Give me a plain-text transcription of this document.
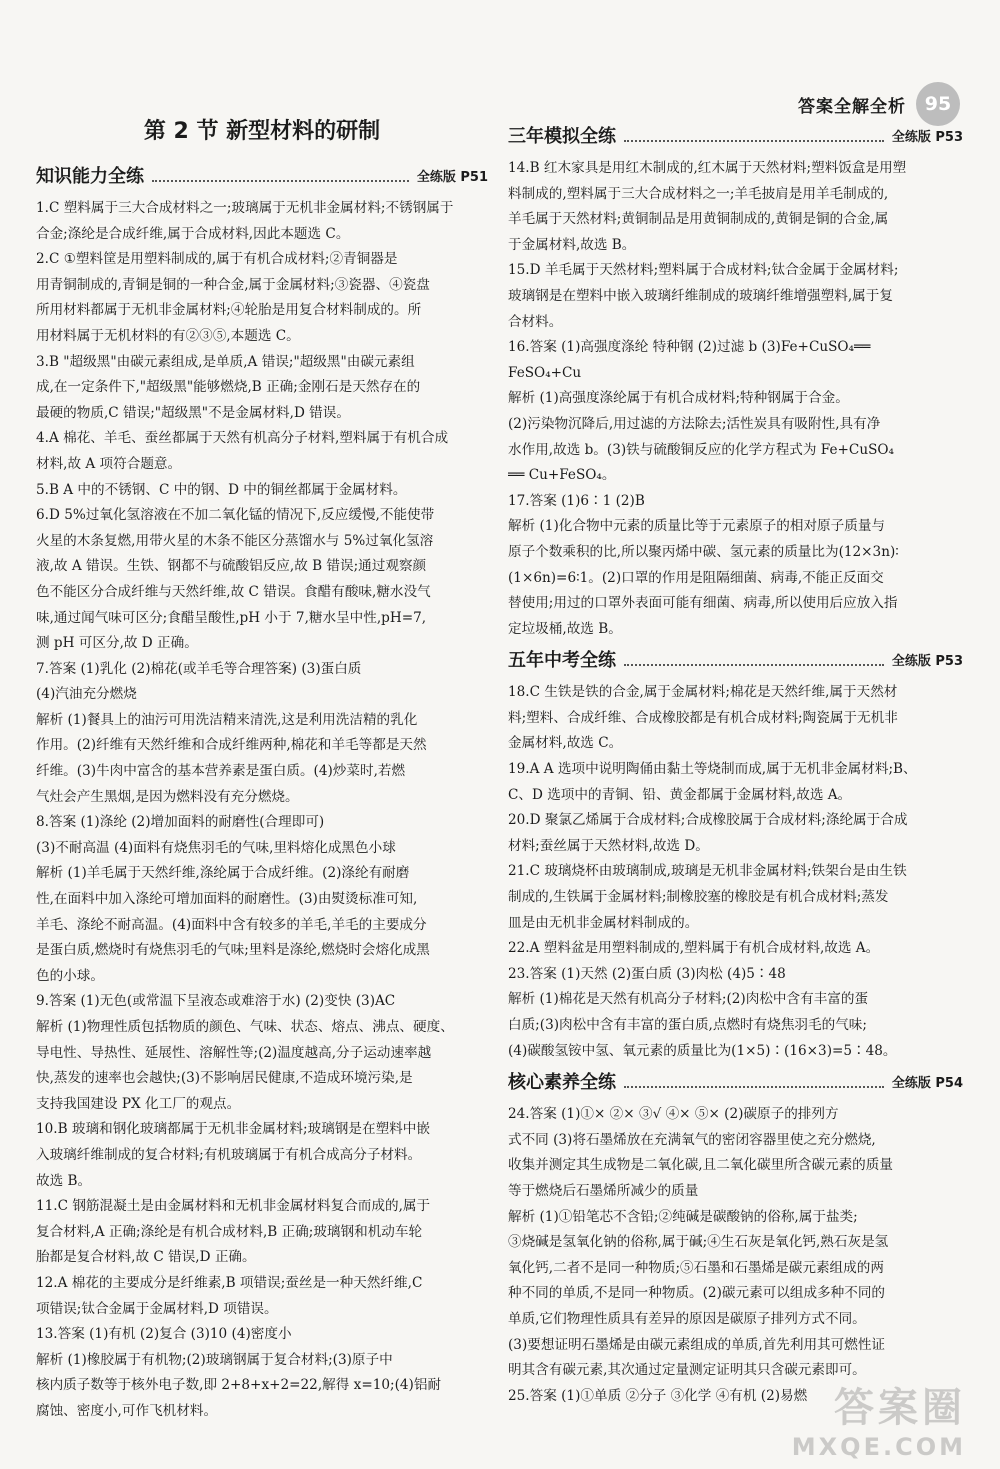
答案全解全析 95
第 2 节 新型材料的研制
知识能力全练	全练版 P51
1.C 塑料属于三大合成材料之一;玻璃属于无机非金属材料;不锈钢属于
合金;涤纶是合成纤维,属于合成材料,因此本题选 C。
2.C ①塑料筐是用塑料制成的,属于有机合成材料;②青铜器是
用青铜制成的,青铜是铜的一种合金,属于金属材料;③瓷器、④瓷盘
所用材料都属于无机非金属材料;④轮胎是用复合材料制成的。所
用材料属于无机材料的有②③⑤,本题选 C。
3.B "超级黑"由碳元素组成,是单质,A 错误;"超级黑"由碳元素组
成,在一定条件下,"超级黑"能够燃烧,B 正确;金刚石是天然存在的
最硬的物质,C 错误;"超级黑"不是金属材料,D 错误。
4.A 棉花、羊毛、蚕丝都属于天然有机高分子材料,塑料属于有机合成
材料,故 A 项符合题意。
5.B A 中的不锈钢、C 中的钢、D 中的铜丝都属于金属材料。
6.D 5%过氧化氢溶液在不加二氧化锰的情况下,反应缓慢,不能使带
火星的木条复燃,用带火星的木条不能区分蒸馏水与 5%过氧化氢溶
液,故 A 错误。生铁、钢都不与硫酸铝反应,故 B 错误;通过观察颜
色不能区分合成纤维与天然纤维,故 C 错误。食醋有酸味,糖水没气
味,通过闻气味可区分;食醋呈酸性,pH 小于 7,糖水呈中性,pH=7,
测 pH 可区分,故 D 正确。
7.答案 (1)乳化 (2)棉花(或羊毛等合理答案) (3)蛋白质
(4)汽油充分燃烧
解析 (1)餐具上的油污可用洗洁精来清洗,这是利用洗洁精的乳化
作用。(2)纤维有天然纤维和合成纤维两种,棉花和羊毛等都是天然
纤维。(3)牛肉中富含的基本营养素是蛋白质。(4)炒菜时,若燃
气灶会产生黑烟,是因为燃料没有充分燃烧。
8.答案 (1)涤纶 (2)增加面料的耐磨性(合理即可)
(3)不耐高温 (4)面料有烧焦羽毛的气味,里料熔化成黑色小球
解析 (1)羊毛属于天然纤维,涤纶属于合成纤维。(2)涤纶有耐磨
性,在面料中加入涤纶可增加面料的耐磨性。(3)由熨烫标准可知,
羊毛、涤纶不耐高温。(4)面料中含有较多的羊毛,羊毛的主要成分
是蛋白质,燃烧时有烧焦羽毛的气味;里料是涤纶,燃烧时会熔化成黑
色的小球。
9.答案 (1)无色(或常温下呈液态或难溶于水) (2)变快 (3)AC
解析 (1)物理性质包括物质的颜色、气味、状态、熔点、沸点、硬度、
导电性、导热性、延展性、溶解性等;(2)温度越高,分子运动速率越
快,蒸发的速率也会越快;(3)不影响居民健康,不造成环境污染,是
支持我国建设 PX 化工厂的观点。
10.B 玻璃和钢化玻璃都属于无机非金属材料;玻璃钢是在塑料中嵌
入玻璃纤维制成的复合材料;有机玻璃属于有机合成高分子材料。
故选 B。
11.C 钢筋混凝土是由金属材料和无机非金属材料复合而成的,属于
复合材料,A 正确;涤纶是有机合成材料,B 正确;玻璃钢和机动车轮
胎都是复合材料,故 C 错误,D 正确。
12.A 棉花的主要成分是纤维素,B 项错误;蚕丝是一种天然纤维,C
项错误;钛合金属于金属材料,D 项错误。
13.答案 (1)有机 (2)复合 (3)10 (4)密度小
解析 (1)橡胶属于有机物;(2)玻璃钢属于复合材料;(3)原子中
核内质子数等于核外电子数,即 2+8+x+2=22,解得 x=10;(4)铝耐
腐蚀、密度小,可作飞机材料。
三年模拟全练	全练版 P53
14.B 红木家具是用红木制成的,红木属于天然材料;塑料饭盒是用塑
料制成的,塑料属于三大合成材料之一;羊毛披肩是用羊毛制成的,
羊毛属于天然材料;黄铜制品是用黄铜制成的,黄铜是铜的合金,属
于金属材料,故选 B。
15.D 羊毛属于天然材料;塑料属于合成材料;钛合金属于金属材料;
玻璃钢是在塑料中嵌入玻璃纤维制成的玻璃纤维增强塑料,属于复
合材料。
16.答案 (1)高强度涤纶 特种钢 (2)过滤 b (3)Fe+CuSO₄══
FeSO₄+Cu
解析 (1)高强度涤纶属于有机合成材料;特种钢属于合金。
(2)污染物沉降后,用过滤的方法除去;活性炭具有吸附性,具有净
水作用,故选 b。(3)铁与硫酸铜反应的化学方程式为 Fe+CuSO₄
══ Cu+FeSO₄。
17.答案 (1)6∶1 (2)B
解析 (1)化合物中元素的质量比等于元素原子的相对原子质量与
原子个数乘积的比,所以聚丙烯中碳、氢元素的质量比为(12×3n)∶
(1×6n)=6∶1。(2)口罩的作用是阻隔细菌、病毒,不能正反面交
替使用;用过的口罩外表面可能有细菌、病毒,所以使用后应放入指
定垃圾桶,故选 B。
五年中考全练	全练版 P53
18.C 生铁是铁的合金,属于金属材料;棉花是天然纤维,属于天然材
料;塑料、合成纤维、合成橡胶都是有机合成材料;陶瓷属于无机非
金属材料,故选 C。
19.A A 选项中说明陶俑由黏土等烧制而成,属于无机非金属材料;B、
C、D 选项中的青铜、铅、黄金都属于金属材料,故选 A。
20.D 聚氯乙烯属于合成材料;合成橡胶属于合成材料;涤纶属于合成
材料;蚕丝属于天然材料,故选 D。
21.C 玻璃烧杯由玻璃制成,玻璃是无机非金属材料;铁架台是由生铁
制成的,生铁属于金属材料;制橡胶塞的橡胶是有机合成材料;蒸发
皿是由无机非金属材料制成的。
22.A 塑料盆是用塑料制成的,塑料属于有机合成材料,故选 A。
23.答案 (1)天然 (2)蛋白质 (3)肉松 (4)5∶48
解析 (1)棉花是天然有机高分子材料;(2)肉松中含有丰富的蛋
白质;(3)肉松中含有丰富的蛋白质,点燃时有烧焦羽毛的气味;
(4)碳酸氢铵中氢、氧元素的质量比为(1×5)∶(16×3)=5∶48。
核心素养全练	全练版 P54
24.答案 (1)①× ②× ③√ ④× ⑤× (2)碳原子的排列方
式不同 (3)将石墨烯放在充满氧气的密闭容器里使之充分燃烧,
收集并测定其生成物是二氧化碳,且二氧化碳里所含碳元素的质量
等于燃烧后石墨烯所减少的质量
解析 (1)①铅笔芯不含铅;②纯碱是碳酸钠的俗称,属于盐类;
③烧碱是氢氧化钠的俗称,属于碱;④生石灰是氧化钙,熟石灰是氢
氧化钙,二者不是同一种物质;⑤石墨和石墨烯是碳元素组成的两
种不同的单质,不是同一种物质。(2)碳元素可以组成多种不同的
单质,它们物理性质具有差异的原因是碳原子排列方式不同。
(3)要想证明石墨烯是由碳元素组成的单质,首先利用其可燃性证
明其含有碳元素,其次通过定量测定证明其只含碳元素即可。
25.答案 (1)①单质 ②分子 ③化学 ④有机 (2)易燃 答案圈
MXQE.COM
